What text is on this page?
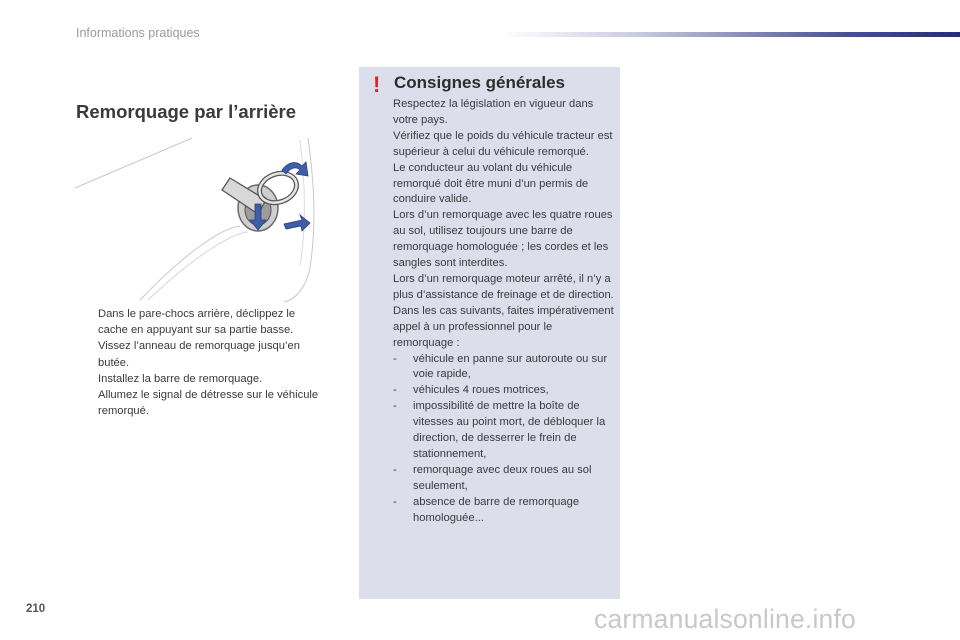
Informations pratiques
Remorquage par l’arrière
Dans le pare-chocs arrière, déclippez le cache en appuyant sur sa partie basse.
Vissez l’anneau de remorquage jusqu’en butée.
Installez la barre de remorquage.
Allumez le signal de détresse sur le véhicule remorqué.
! Consignes générales

Respectez la législation en vigueur dans votre pays.

Vérifiez que le poids du véhicule tracteur est supérieur à celui du véhicule remorqué.

Le conducteur au volant du véhicule remorqué doit être muni d’un permis de conduire valide.

Lors d’un remorquage avec les quatre roues au sol, utilisez toujours une barre de remorquage homologuée ; les cordes et les sangles sont interdites.

Lors d’un remorquage moteur arrêté, il n’y a plus d’assistance de freinage et de direction.

Dans les cas suivants, faites impérativement appel à un professionnel pour le remorquage :

- véhicule en panne sur autoroute ou sur voie rapide,
- véhicules 4 roues motrices,
- impossibilité de mettre la boîte de vitesses au point mort, de débloquer la direction, de desserrer le frein de stationnement,
- remorquage avec deux roues au sol seulement,
- absence de barre de remorquage homologuée...
210	carmanualsonline.info
